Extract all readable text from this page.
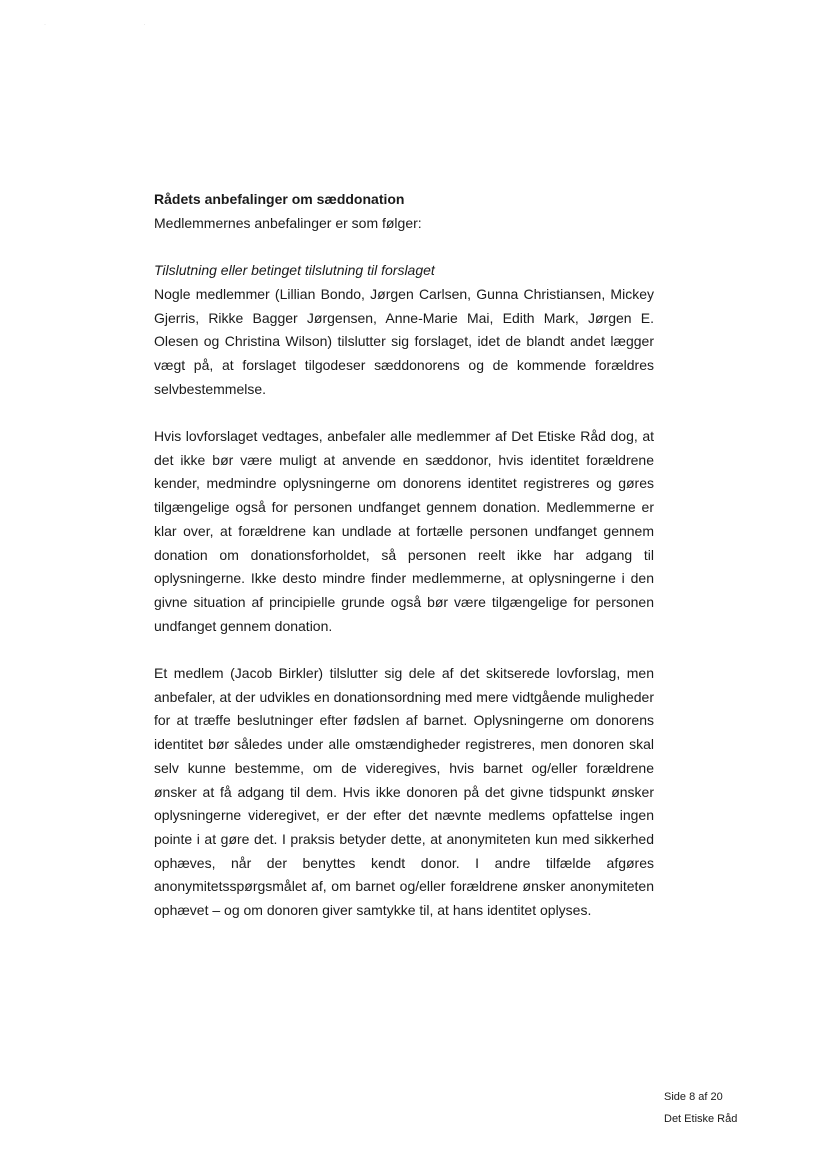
· ·

Rådets anbefalinger om sæddonation

Medlemmernes anbefalinger er som følger:

Tilslutning eller betinget tilslutning til forslaget

Nogle medlemmer (Lillian Bondo, Jørgen Carlsen, Gunna Christiansen, Mickey Gjerris, Rikke Bagger Jørgensen, Anne-Marie Mai, Edith Mark, Jørgen E. Olesen og Christina Wilson) tilslutter sig forslaget, idet de blandt andet lægger vægt på, at forslaget tilgodeser sæddonorens og de kommende forældres selvbestemmelse.

Hvis lovforslaget vedtages, anbefaler alle medlemmer af Det Etiske Råd dog, at det ikke bør være muligt at anvende en sæddonor, hvis identitet forældrene kender, medmindre oplysningerne om donorens identitet registreres og gøres tilgængelige også for personen undfanget gennem donation. Medlemmerne er klar over, at forældrene kan undlade at fortælle personen undfanget gennem donation om donationsforholdet, så personen reelt ikke har adgang til oplysningerne. Ikke desto mindre finder medlemmerne, at oplysningerne i den givne situation af principielle grunde også bør være tilgængelige for personen undfanget gennem donation.

Et medlem (Jacob Birkler) tilslutter sig dele af det skitserede lovforslag, men anbefaler, at der udvikles en donationsordning med mere vidtgående muligheder for at træffe beslutninger efter fødslen af barnet. Oplysningerne om donorens identitet bør således under alle omstændigheder registreres, men donoren skal selv kunne bestemme, om de videregives, hvis barnet og/eller forældrene ønsker at få adgang til dem. Hvis ikke donoren på det givne tidspunkt ønsker oplysningerne videregivet, er der efter det nævnte medlems opfattelse ingen pointe i at gøre det. I praksis betyder dette, at anonymiteten kun med sikkerhed ophæves, når der benyttes kendt donor. I andre tilfælde afgøres anonymitetsspørgsmålet af, om barnet og/eller forældrene ønsker anonymiteten ophævet – og om donoren giver samtykke til, at hans identitet oplyses.

Side 8 af 20
Det Etiske Råd
